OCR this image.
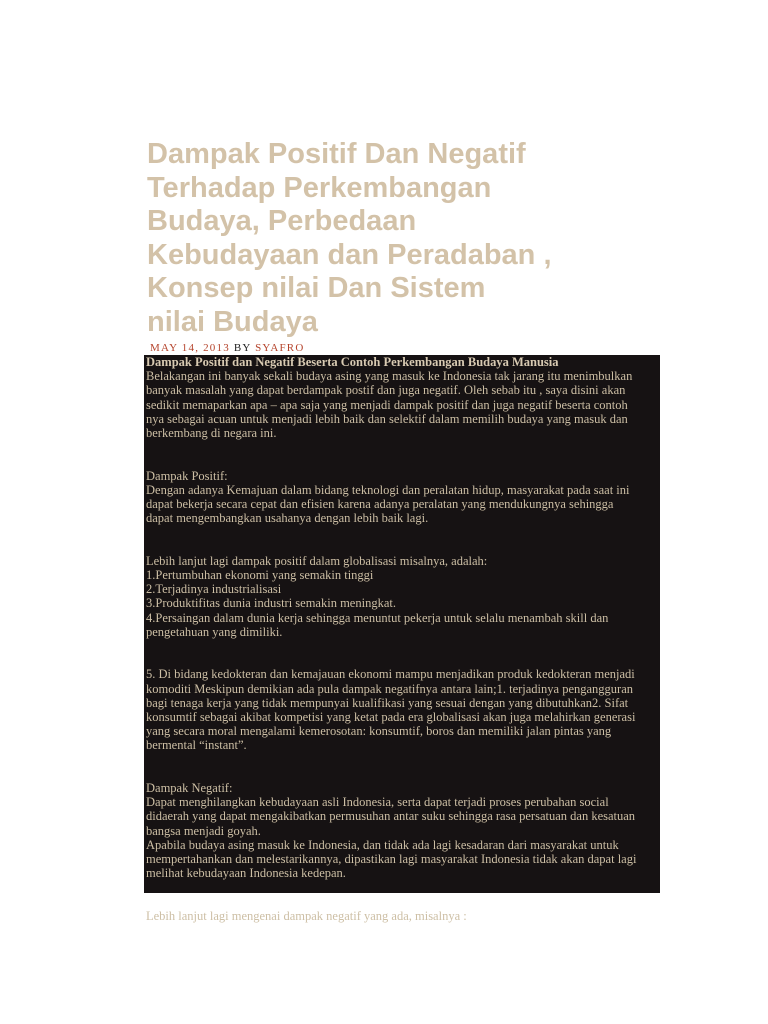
Dampak Positif Dan Negatif
Terhadap Perkembangan
Budaya, Perbedaan
Kebudayaan dan Peradaban ,
Konsep nilai Dan Sistem
nilai Budaya
MAY 14, 2013 BY SYAFRO
Dampak Positif dan Negatif Beserta Contoh Perkembangan Budaya Manusia
Belakangan ini banyak sekali budaya asing yang masuk ke Indonesia tak jarang itu menimbulkan
banyak masalah yang dapat berdampak postif dan juga negatif. Oleh sebab itu , saya disini akan
sedikit memaparkan apa – apa saja yang menjadi dampak positif dan juga negatif beserta contoh
nya sebagai acuan untuk menjadi lebih baik dan selektif dalam memilih budaya yang masuk dan
berkembang di negara ini.
Dampak Positif:
Dengan adanya Kemajuan dalam bidang teknologi dan peralatan hidup, masyarakat pada saat ini
dapat bekerja secara cepat dan efisien karena adanya peralatan yang mendukungnya sehingga
dapat mengembangkan usahanya dengan lebih baik lagi.
Lebih lanjut lagi dampak positif dalam globalisasi misalnya, adalah:
1.Pertumbuhan ekonomi yang semakin tinggi
2.Terjadinya industrialisasi
3.Produktifitas dunia industri semakin meningkat.
4.Persaingan dalam dunia kerja sehingga menuntut pekerja untuk selalu menambah skill dan
pengetahuan yang dimiliki.
5. Di bidang kedokteran dan kemajauan ekonomi mampu menjadikan produk kedokteran menjadi
komoditi Meskipun demikian ada pula dampak negatifnya antara lain;1. terjadinya pengangguran
bagi tenaga kerja yang tidak mempunyai kualifikasi yang sesuai dengan yang dibutuhkan2. Sifat
konsumtif sebagai akibat kompetisi yang ketat pada era globalisasi akan juga melahirkan generasi
yang secara moral mengalami kemerosotan: konsumtif, boros dan memiliki jalan pintas yang
bermental “instant”.
Dampak Negatif:
Dapat menghilangkan kebudayaan asli Indonesia, serta dapat terjadi proses perubahan social
didaerah yang dapat mengakibatkan permusuhan antar suku sehingga rasa persatuan dan kesatuan
bangsa menjadi goyah.
Apabila budaya asing masuk ke Indonesia, dan tidak ada lagi kesadaran dari masyarakat untuk
mempertahankan dan melestarikannya, dipastikan lagi masyarakat Indonesia tidak akan dapat lagi
melihat kebudayaan Indonesia kedepan.
Lebih lanjut lagi mengenai dampak negatif yang ada, misalnya :
